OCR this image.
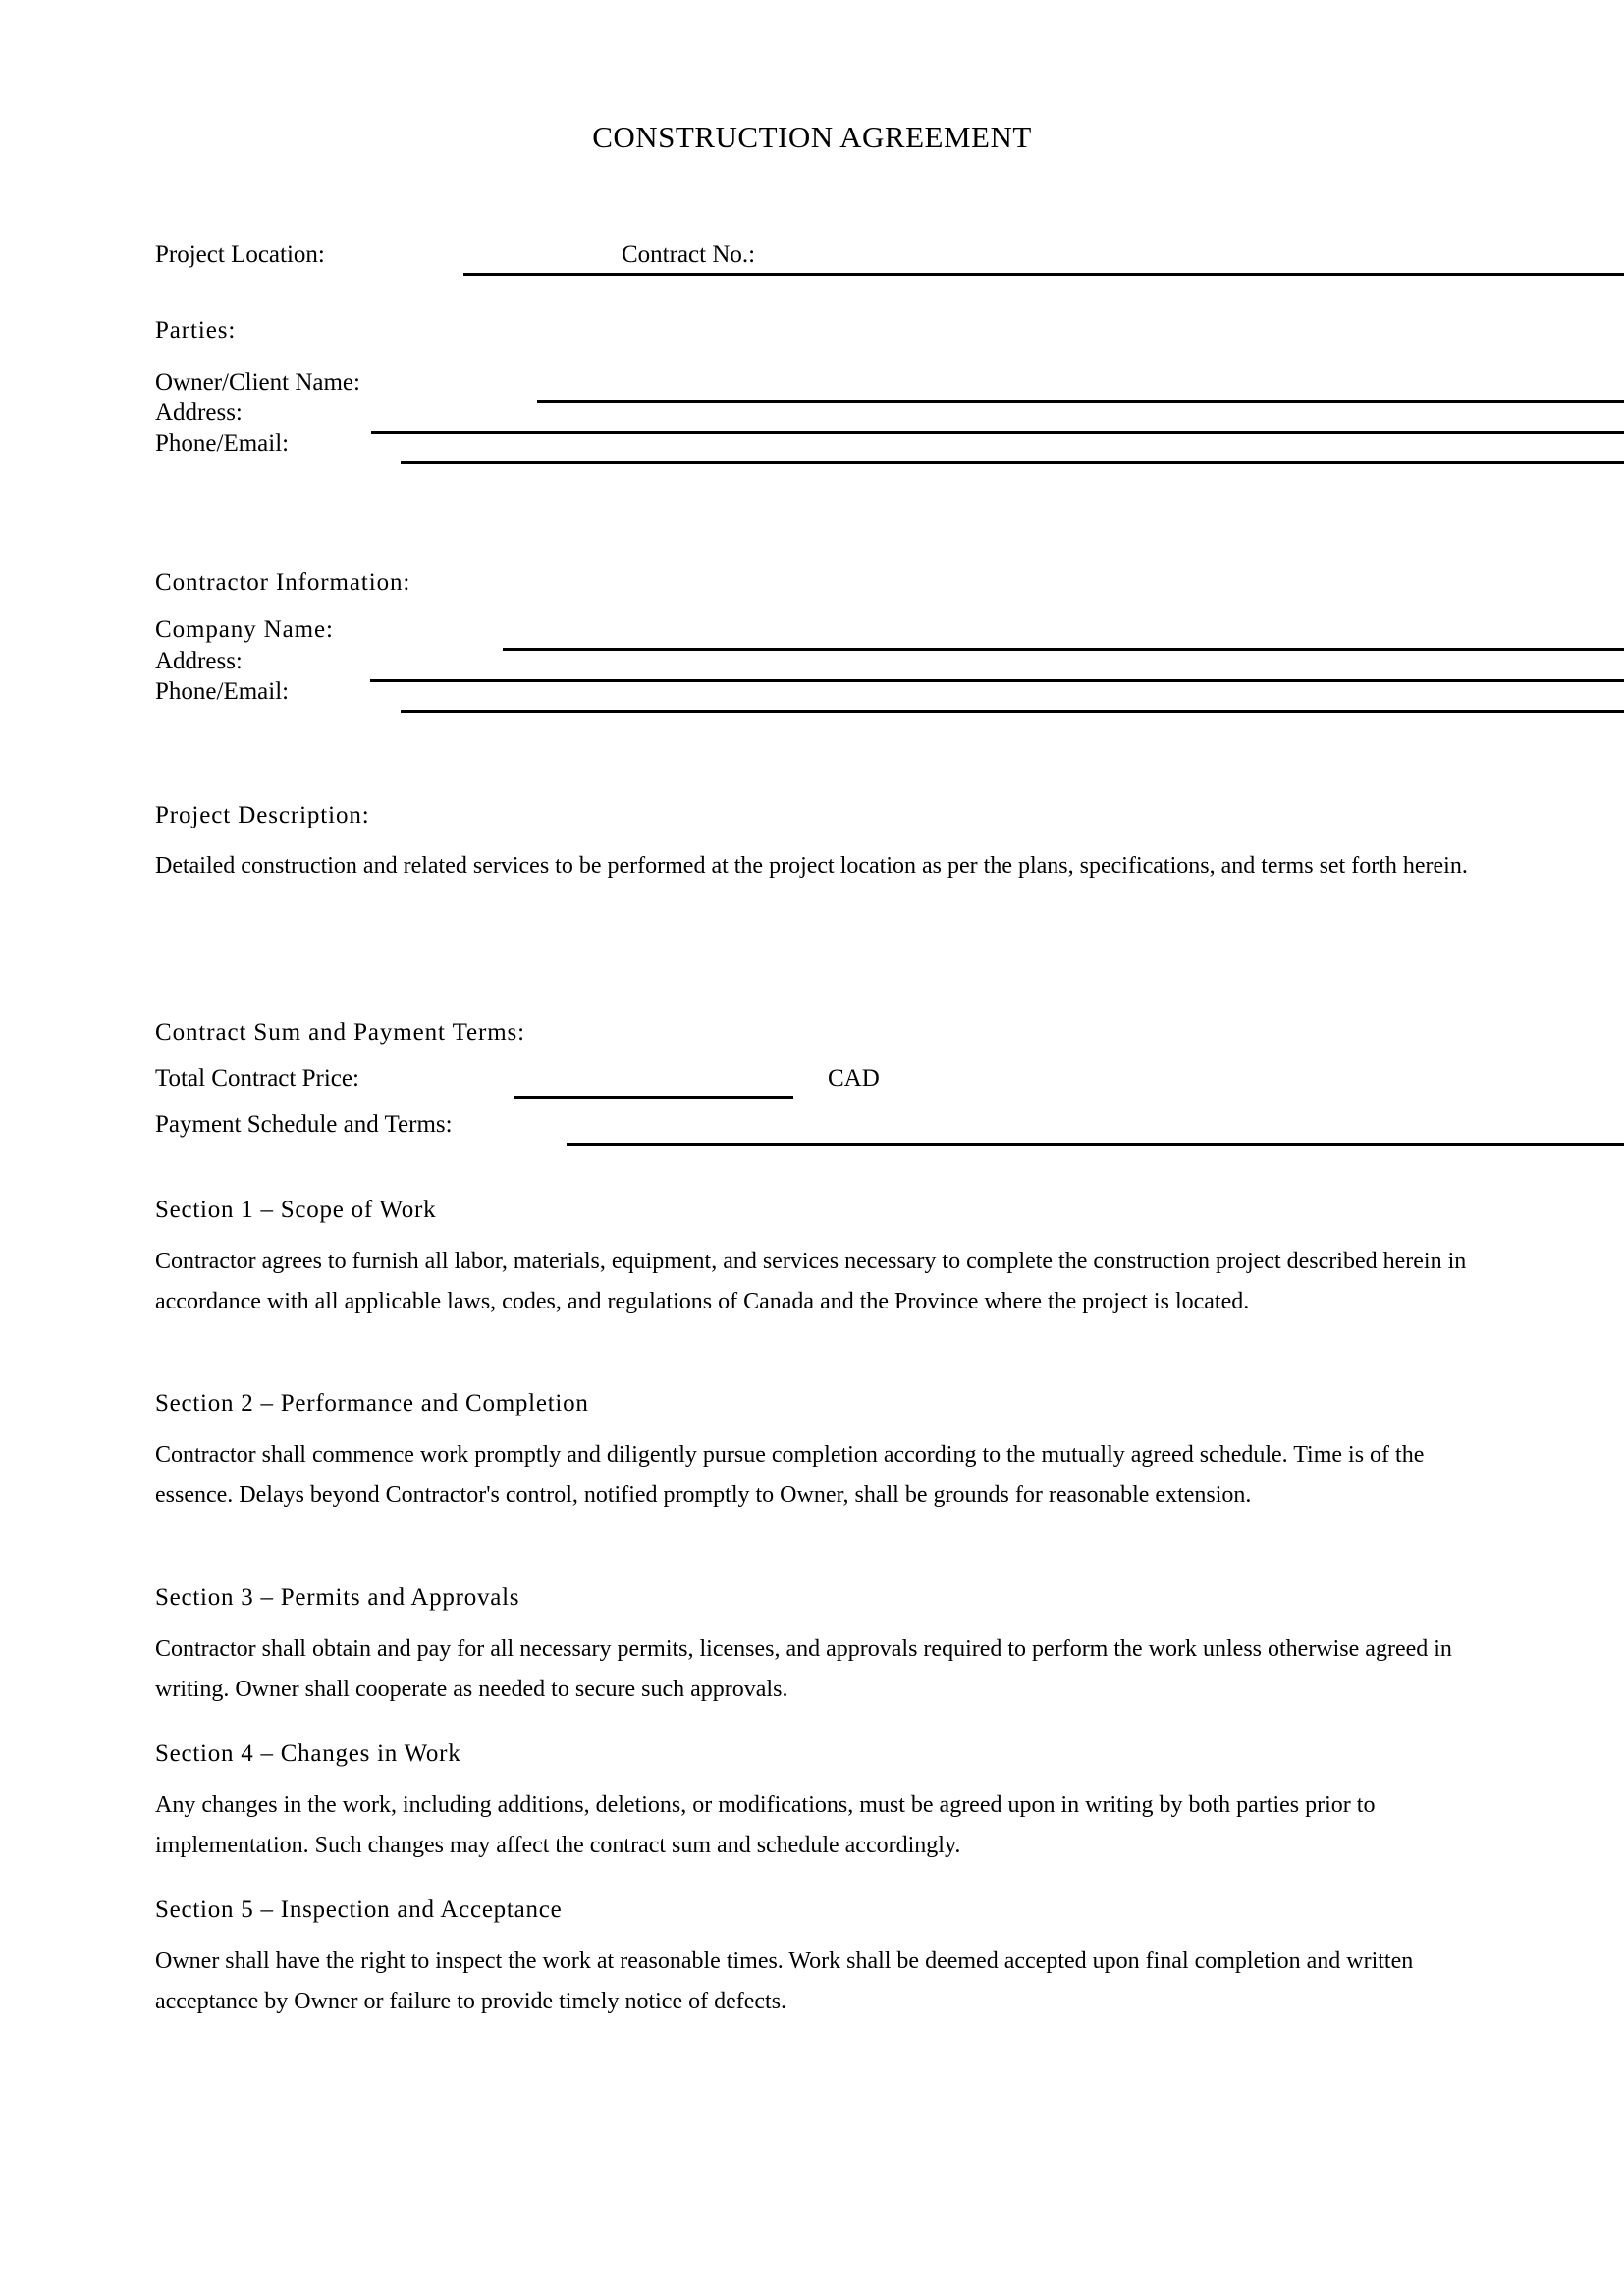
CONSTRUCTION AGREEMENT
Project Location:	Contract No.:
Parties:
Owner/Client Name:
Address:
Phone/Email:
Contractor Information:
Company Name:
Address:
Phone/Email:
Project Description:
Detailed construction and related services to be performed at the project location as per the plans, specifications, and terms set forth herein.
Contract Sum and Payment Terms:
Total Contract Price:	CAD
Payment Schedule and Terms:
Section 1 – Scope of Work
Contractor agrees to furnish all labor, materials, equipment, and services necessary to complete the construction project described herein in accordance with all applicable laws, codes, and regulations of Canada and the Province where the project is located.
Section 2 – Performance and Completion
Contractor shall commence work promptly and diligently pursue completion according to the mutually agreed schedule. Time is of the essence. Delays beyond Contractor's control, notified promptly to Owner, shall be grounds for reasonable extension.
Section 3 – Permits and Approvals
Contractor shall obtain and pay for all necessary permits, licenses, and approvals required to perform the work unless otherwise agreed in writing. Owner shall cooperate as needed to secure such approvals.
Section 4 – Changes in Work
Any changes in the work, including additions, deletions, or modifications, must be agreed upon in writing by both parties prior to implementation. Such changes may affect the contract sum and schedule accordingly.
Section 5 – Inspection and Acceptance
Owner shall have the right to inspect the work at reasonable times. Work shall be deemed accepted upon final completion and written acceptance by Owner or failure to provide timely notice of defects.
